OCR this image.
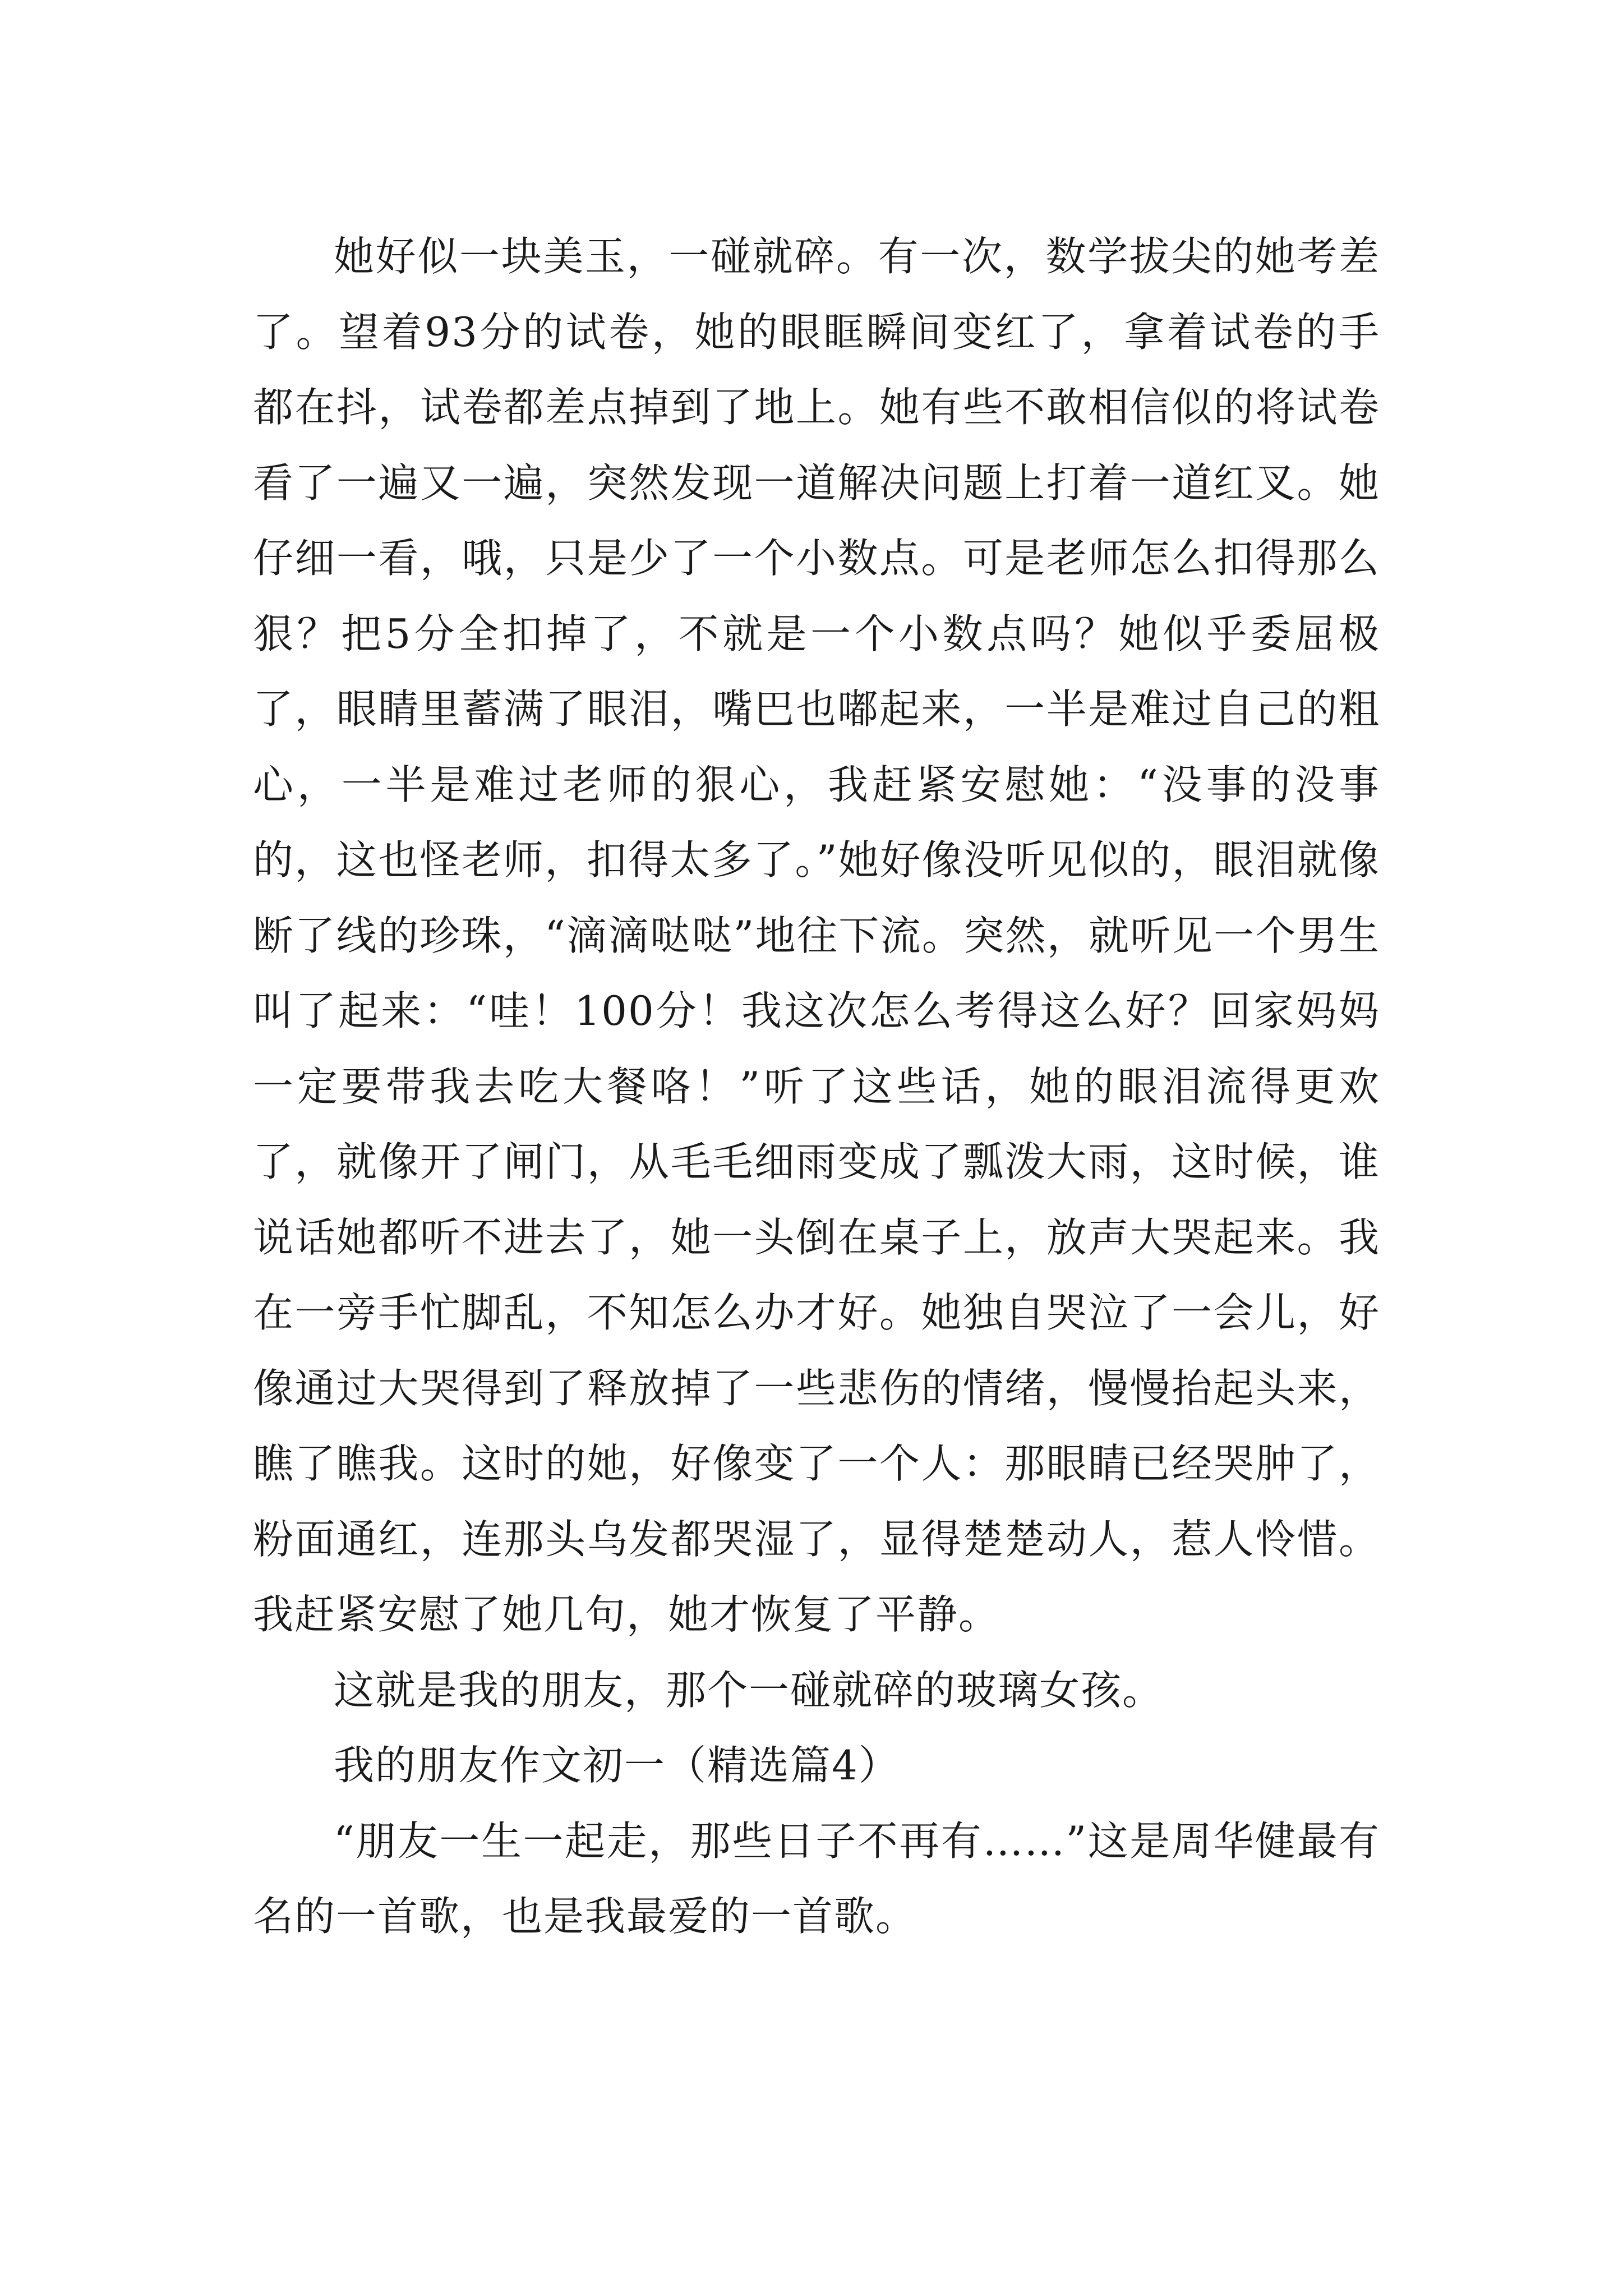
她好似一块美玉，一碰就碎。有一次，数学拔尖的她考差了。望着93分的试卷，她的眼眶瞬间变红了，拿着试卷的手都在抖，试卷都差点掉到了地上。她有些不敢相信似的将试卷看了一遍又一遍，突然发现一道解决问题上打着一道红叉。她仔细一看，哦，只是少了一个小数点。可是老师怎么扣得那么狠？把5分全扣掉了，不就是一个小数点吗？她似乎委屈极了，眼睛里蓄满了眼泪，嘴巴也嘟起来，一半是难过自己的粗心，一半是难过老师的狠心，我赶紧安慰她：“没事的没事的，这也怪老师，扣得太多了。”她好像没听见似的，眼泪就像断了线的珍珠，“滴滴哒哒”地往下流。突然，就听见一个男生叫了起来：“哇！100分！我这次怎么考得这么好？回家妈妈一定要带我去吃大餐咯！”听了这些话，她的眼泪流得更欢了，就像开了闸门，从毛毛细雨变成了瓢泼大雨，这时候，谁说话她都听不进去了，她一头倒在桌子上，放声大哭起来。我在一旁手忙脚乱，不知怎么办才好。她独自哭泣了一会儿，好像通过大哭得到了释放掉了一些悲伤的情绪，慢慢抬起头来，瞧了瞧我。这时的她，好像变了一个人：那眼睛已经哭肿了，粉面通红，连那头乌发都哭湿了，显得楚楚动人，惹人怜惜。我赶紧安慰了她几句，她才恢复了平静。

这就是我的朋友，那个一碰就碎的玻璃女孩。

我的朋友作文初一（精选篇4）

“朋友一生一起走，那些日子不再有……”这是周华健最有名的一首歌，也是我最爱的一首歌。
